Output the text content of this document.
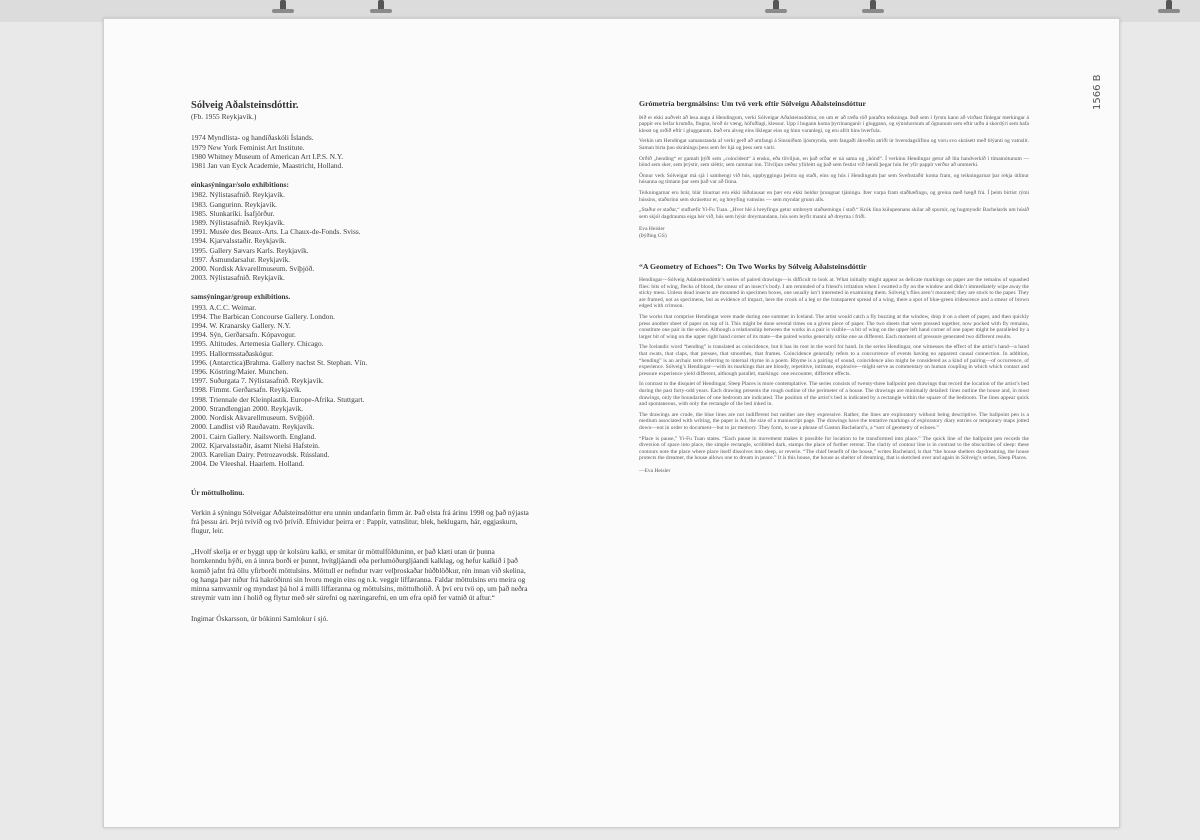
Sólveig Aðalsteinsdóttir.

(Fb. 1955 Reykjavík.)

1974 Myndlista- og handíðaskóli Íslands.
1979 New York Feminist Art Institute.
1980 Whitney Museum of American Art I.P.S. N.Y.
1981 Jan van Eyck Academie, Maastricht, Holland.

einkasýningar/solo exhibitions:

1982. Nýlistasafnið. Reykjavík.
1983. Gangurinn. Reykjavík.
1985. Slunkaríki. Ísafjörður.
1989. Nýlistasafnið. Reykjavík.
1991. Musée des Beaux-Arts. La Chaux-de-Fonds. Sviss.
1994. Kjarvalsstaðir. Reykjavík.
1995. Gallery Sævars Karls. Reykjavík.
1997. Ásmundarsalur. Reykjavík.
2000. Nordisk Akvarellmuseum. Svíþjóð.
2003. Nýlistasafnið. Reykjavík.

samsýningar/group exhibitions.

1993. A.C.C. Weimar.
1994. The Barbican Concourse Gallery. London.
1994. W. Kranarsky Gallery. N.Y.
1994. Sýn, Gerðarsafn. Kópavogur.
1995. Altitudes. Artemesia Gallery. Chicago.
1995. Hallormsstaðaskógur.
1996. (Antarctica)Brahma. Gallery nachst St. Stephan. Vín.
1996. Köstring/Maier. Munchen.
1997. Suðurgata 7. Nýlistasafnið. Reykjavík.
1998. Fimmt. Gerðarsafn. Reykjavík.
1998. Triennale der Kleinplastik. Europe-Afrika. Stuttgart.
2000. Strandlengjan 2000. Reykjavík.
2000. Nordisk Akvarellmuseum. Svíþjóð.
2000. Landlist við Rauðavatn. Reykjavík.
2001. Cairn Gallery. Nailsworth. England.
2002. Kjarvalsstaðir, ásamt Nielsi Hafstein.
2003. Karelian Dairy. Petrozavodsk. Rússland.
2004. De Vleeshal. Haarlem. Holland.

Úr möttulholinu.

Verkin á sýningu Sólveigar Aðalsteinsdóttur eru unnin undanfarin fimm ár. Það elsta frá árinu 1998 og það nýjasta frá þessu ári. Þrjú tvívíð og tvö þrívíð. Efnividur þeirra er : Pappír, vatnslitur, blek, heklugarn, hár, eggjaskurn, flugur, leir.

„Hvolf skelja er er byggt upp úr kolsúru kalki, er smitar úr möttulfölduninn, er það klæti utan úr þunna hornkenndu hýði, en á innra borði er þunnt, hvítgljáandi eða perlumóðurgljáandi kalklag, og hefur kalkið í það komið jafnt frá öllu yfirborði möttulsins. Möttull er nefndur tvær velþroskaðar húðblöðkur, rén innan við skelina, og hanga þær niður frá hakróðinni sin hvoru megin eins og n.k. veggir líffæranna. Faldar möttulsins eru meira og minna samvaxnir og myndast þá hol á milli líffæranna og möttulsins, möttulholið. Á því eru tvö op, um það neðra streymir vatn inn í holið og flytur með sér súrefni og næringarefni, en um efra opið fer vatnið út aftur.“

Ingimar Óskarsson, úr bókinni Samlokur í sjó.

Grómetría bergmálsins: Um tvö verk eftir Sólveigu Aðalsteinsdóttur

Þið er ekki auðvelt að lesa augu á Hendingum, verki Sólveigar Aðalsteinsdóttur, en um er að ræða röð paraðra teikninga. Það sem í fyrstu kann að virðast fínlegar merkingar á pappír eru leifar krumða, flugna, hroð úr væng, höfuðlagi, klessur. Upp í hugann koma þyrrinanganir í gluggann, og sýnishornum af ögnunum sem eftir urðu á skordýri sem hafa klesst og orðið eftir í glugganum. Það eru alveg eins líklegar eins og hinn varanlegi, og eru afrit hins hverfula.

Verkin um Hendingar samanstanda af verki gerð að umfangi á Sinsniðum ljósmynda, sem fangaði ákveðin atriði úr hversdagslífinu og voru svo skrásett með blýanti og vatnslit. Saman birta þau skráningu þess sem fer hjá og þess sem varir.

Orðið „hending“ er gamalt þýði sem „coincident“ á ensku, eða tilviljun, en það orðar er ná sama og „hönd“. Í verkinu Hendingar getur að líta handverkið í tímamótunum — hönd sem sker, sem þrýstir, sem sléttir, sem rammar inn. Tilviljun ræður yfirleitt og það sem festist við hendi þegar hún fer yfir pappír verður að ummerki.

Önnur verk Sólveigar má sjá í samhengi við hús, uppbyggingu þeirra og staði, eins og hús í Hendingum þar sem Svefnstaðir koma fram, og teikningarnar þar rekja útlínur húsanna og tímann þar sem það var að finna.

Teikningarnar eru hrár, blár línurnar eru ekki lúðulausar en þær eru ekki heldur þrungnar tjáningu. Þær varpa fram staðhæfingu, og greina með hægð frá. Í þeim birtist rými hússins, staðurinn sem skrásettur er, og hreyfing vatnsins — sem myndar grunn alls.

„Staður er staðar,“ stafhæfir Yi-Fu Tuan. „Hver hlé á hreyfingu getur umbreytt staðsetningu í stað.“ Krók lína kúlupennans skilar að spurnir, og hugmyndir Bachelards um húsið sem skjól dagdrauma eiga hér við, hús sem hýsir dreymandann, hús sem leyfir manni að dreyma í friði.

Eva Heisler

(Þýðing GS)

“A Geometry of Echoes”: On Two Works by Sólveig Aðalsteinsdóttir

Hendingar—Sólveig Adalsteinsdóttir’s series of paired drawings—is difficult to look at. What initially might appear as delicate markings on paper are the remains of squashed flies: bits of wing, flecks of blood, the smear of an insect’s body. I am reminded of a friend’s irritation when I swatted a fly on the window and didn’t immediately wipe away the sticky mess. Unless dead insects are mounted in specimen boxes, one usually isn’t interested in examining them. Sólveig’s flies aren’t mounted; they are stuck to the paper. They are framed, not as specimens, but as evidence of impact, here the crook of a leg or the transparent spread of a wing, there a spot of blue-green iridescence and a smear of brown edged with crimson.

The works that comprise Hendingar were made during one summer in Iceland. The artist would catch a fly buzzing at the window, drop it on a sheet of paper, and then quickly press another sheet of paper on top of it. This might be done several times on a given piece of paper. The two sheets that were pressed together, now pocked with fly remains, constitute one pair in the series. Although a relationship between the works in a pair is visible—a bit of wing on the upper left hand corner of one paper might be paralleled by a larger bit of wing on the upper right hand corner of its mate—the paired works generally strike one as different. Each moment of pressure generated two different results.

The Icelandic word “hending” is translated as coincidence, but it has its root in the word for hand. In the series Hendingar, one witnesses the effect of the artist’s hand—a hand that swats, that claps, that presses, that smoothes, that frames. Coincidence generally refers to a concurrence of events having no apparent causal connection. In addition, “hending” is an archaic term referring to internal rhyme in a poem. Rhyme is a pairing of sound, coincidence also might be considered as a kind of pairing—of occurrence, of experience. Sólveig’s Hendingar—with its markings that are bloody, repetitive, intimate, explosive—might serve as commentary on human coupling in which which contact and pressure experience yield different, although parallel, markings: one encounter, different effects.

In contrast to the disquiet of Hendingar, Sleep Places is more contemplative. The series consists of twenty-three ballpoint pen drawings that record the location of the artist’s bed during the past forty-odd years. Each drawing presents the rough outline of the perimeter of a house. The drawings are minimally detailed: lines outline the house and, in most drawings, only the boundaries of one bedroom are indicated. The position of the artist’s bed is indicated by a rectangle within the square of the bedroom. The lines appear quick and spontaneous, with only the rectangle of the bed inked in.

The drawings are crude, the blue lines are not indifferent but neither are they expressive. Rather, the lines are exploratory without being descriptive. The ballpoint pen is a medium associated with writing, the paper is A4, the size of a manuscript page. The drawings have the tentative markings of exploratory diary entries or temporary maps jotted down—not in order to document—but to jar memory. They form, to use a phrase of Gaston Bachelard’s, a “sort of geometry of echoes.”

“Place is pause,” Yi-Fu Tuan states. “Each pause in movement makes it possible for location to be transformed into place.” The quick line of the ballpoint pen records the diversion of space into place, the simple rectangle, scribbled dark, stamps the place of further retreat. The clarity of contour line is in contrast to the obscurities of sleep: these contours note the place where place itself dissolves into sleep, or reverie. “The chief benefit of the house,” writes Bachelard, is that “the house shelters daydreaming, the house protects the dreamer, the house allows one to dream in peace.” It is this house, the house as shelter of dreaming, that is sketched over and again in Sólveig’s series, Sleep Places.

—Eva Heisler

1566 B
